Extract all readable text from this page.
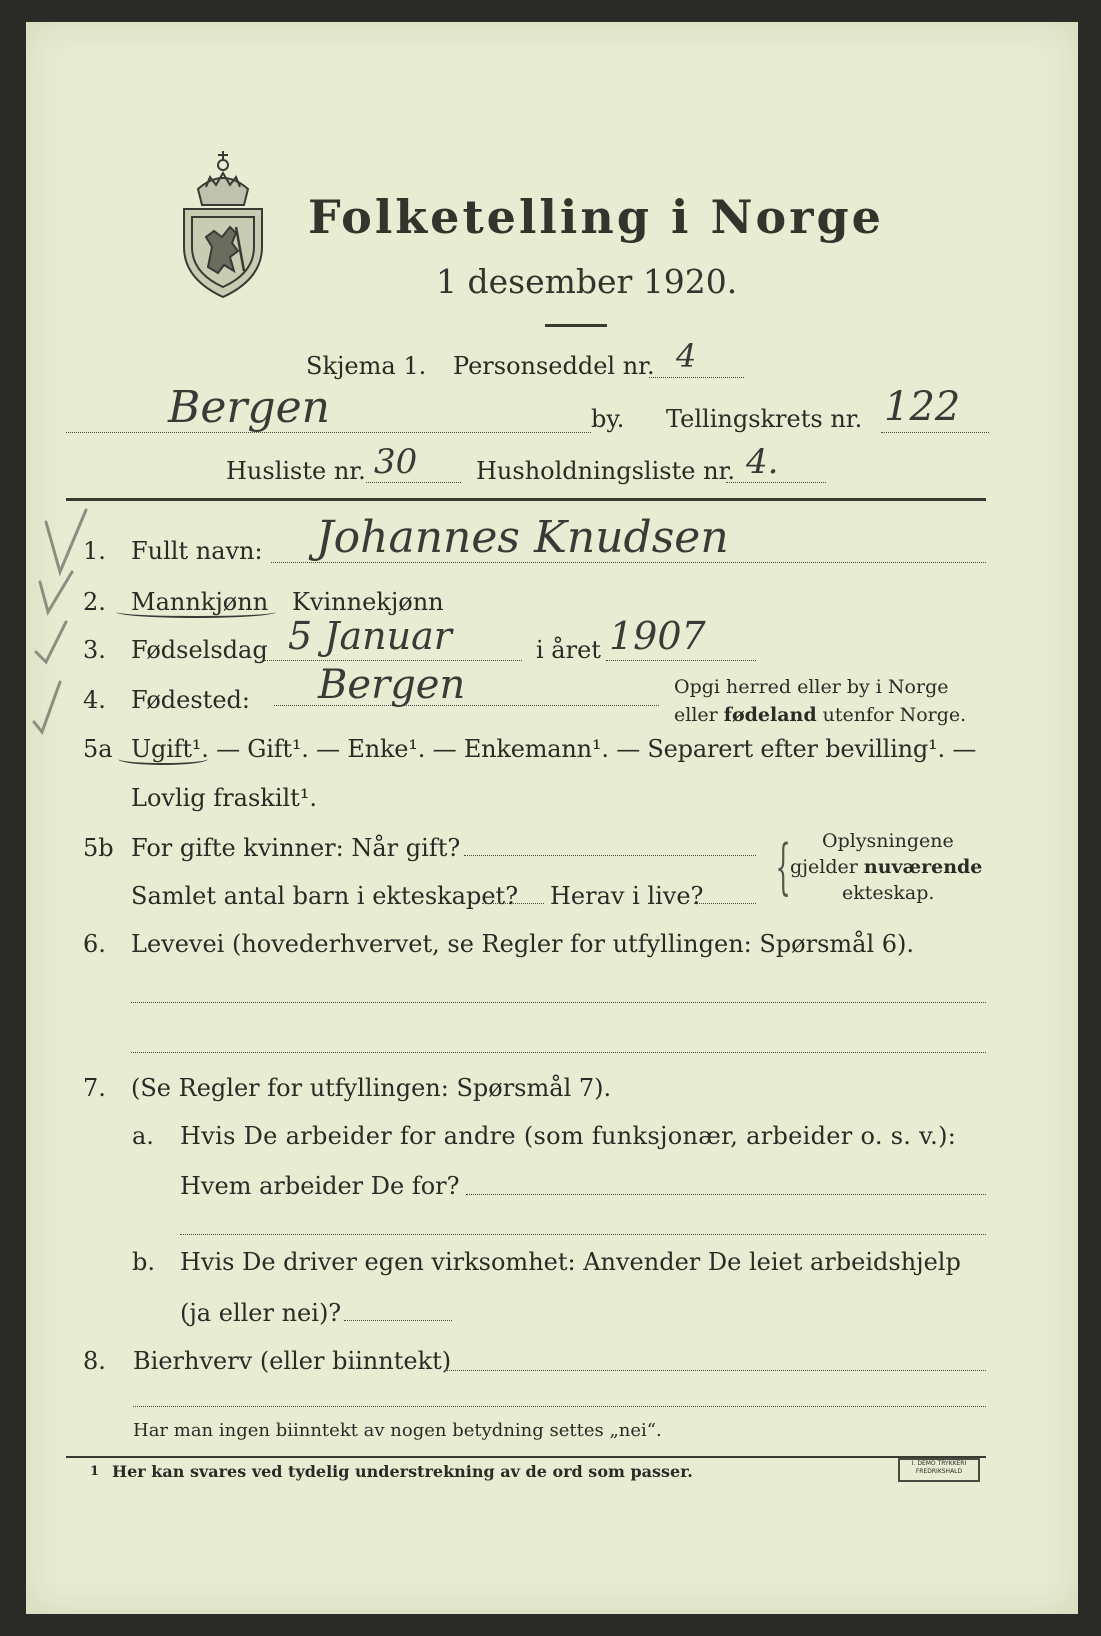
Folketelling i Norge
1 desember 1920.
Skjema 1. Personseddel nr. 4
Bergen	by. Tellingskrets nr. 122
Husliste nr. 30 Husholdningsliste nr. 4.
1. Fullt navn: Johannes Knudsen
2. Mannkjønn Kvinnekjønn
3. Fødselsdag 5 Januar	i året 1907
4. Fødested: Bergen	Opgi herred eller by i Norge
eller fødeland utenfor Norge.
5a Ugift¹. — Gift¹. — Enke¹. — Enkemann¹. — Separert efter bevilling¹. —
Lovlig fraskilt¹.
5b For gifte kvinner: Når gift?
Samlet antal barn i ekteskapet? Herav i live? { Oplysningene
gjelder nuværende
ekteskap.
6. Levevei (hovederhvervet, se Regler for utfyllingen: Spørsmål 6).
7. (Se Regler for utfyllingen: Spørsmål 7).
a. Hvis De arbeider for andre (som funksjonær, arbeider o. s. v.):
Hvem arbeider De for?
b. Hvis De driver egen virksomhet: Anvender De leiet arbeidshjelp
(ja eller nei)?
8. Bierhverv (eller biinntekt)
Har man ingen biinntekt av nogen betydning settes „nei“.
1 Her kan svares ved tydelig understrekning av de ord som passer.	I. DEMO TRYKKERI
FREDRIKSHALD
